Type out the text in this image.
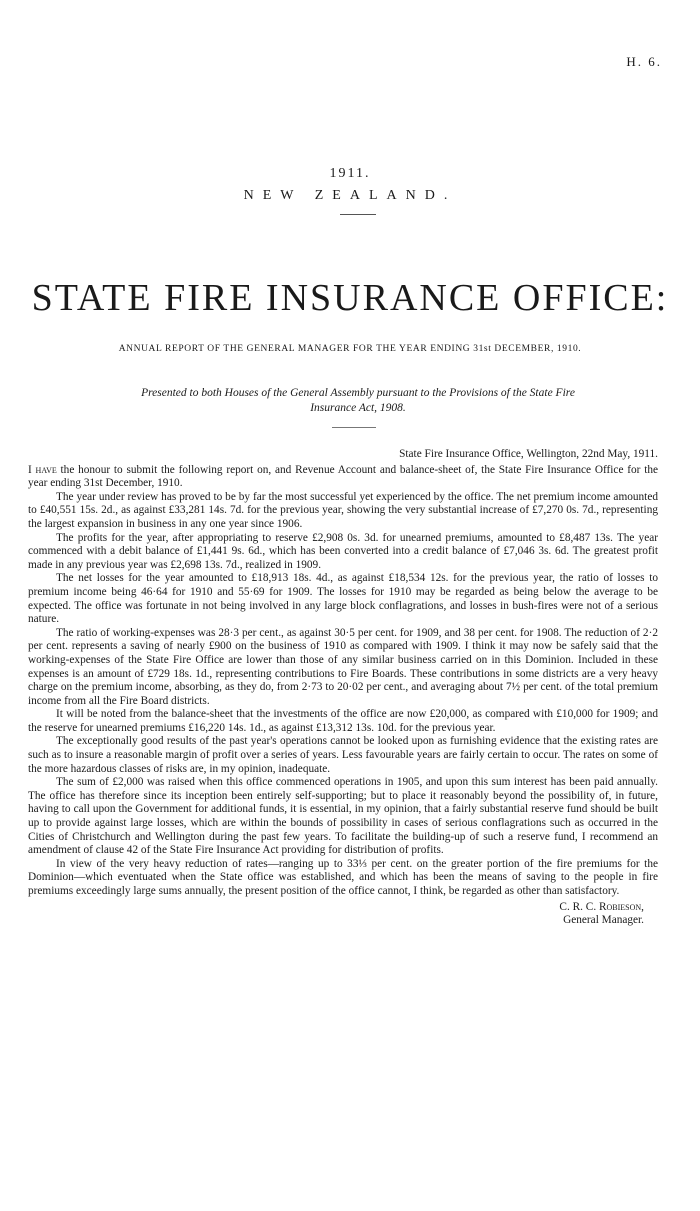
H. 6.
1911.
NEW ZEALAND.
STATE FIRE INSURANCE OFFICE:
ANNUAL REPORT OF THE GENERAL MANAGER FOR THE YEAR ENDING 31st DECEMBER, 1910.
Presented to both Houses of the General Assembly pursuant to the Provisions of the State Fire Insurance Act, 1908.
State Fire Insurance Office, Wellington, 22nd May, 1911.

I have the honour to submit the following report on, and Revenue Account and balance-sheet of, the State Fire Insurance Office for the year ending 31st December, 1910.

The year under review has proved to be by far the most successful yet experienced by the office. The net premium income amounted to £40,551 15s. 2d., as against £33,281 14s. 7d. for the previous year, showing the very substantial increase of £7,270 0s. 7d., representing the largest expansion in business in any one year since 1906.

The profits for the year, after appropriating to reserve £2,908 0s. 3d. for unearned premiums, amounted to £8,487 13s. The year commenced with a debit balance of £1,441 9s. 6d., which has been converted into a credit balance of £7,046 3s. 6d. The greatest profit made in any previous year was £2,698 13s. 7d., realized in 1909.

The net losses for the year amounted to £18,913 18s. 4d., as against £18,534 12s. for the previous year, the ratio of losses to premium income being 46·64 for 1910 and 55·69 for 1909. The losses for 1910 may be regarded as being below the average to be expected. The office was fortunate in not being involved in any large block conflagrations, and losses in bush-fires were not of a serious nature.

The ratio of working-expenses was 28·3 per cent., as against 30·5 per cent. for 1909, and 38 per cent. for 1908. The reduction of 2·2 per cent. represents a saving of nearly £900 on the business of 1910 as compared with 1909. I think it may now be safely said that the working-expenses of the State Fire Office are lower than those of any similar business carried on in this Dominion. Included in these expenses is an amount of £729 18s. 1d., representing contributions to Fire Boards. These contributions in some districts are a very heavy charge on the premium income, absorbing, as they do, from 2·73 to 20·02 per cent., and averaging about 7½ per cent. of the total premium income from all the Fire Board districts.

It will be noted from the balance-sheet that the investments of the office are now £20,000, as compared with £10,000 for 1909; and the reserve for unearned premiums £16,220 14s. 1d., as against £13,312 13s. 10d. for the previous year.

The exceptionally good results of the past year's operations cannot be looked upon as furnishing evidence that the existing rates are such as to insure a reasonable margin of profit over a series of years. Less favourable years are fairly certain to occur. The rates on some of the more hazardous classes of risks are, in my opinion, inadequate.

The sum of £2,000 was raised when this office commenced operations in 1905, and upon this sum interest has been paid annually. The office has therefore since its inception been entirely self-supporting; but to place it reasonably beyond the possibility of, in future, having to call upon the Government for additional funds, it is essential, in my opinion, that a fairly substantial reserve fund should be built up to provide against large losses, which are within the bounds of possibility in cases of serious conflagrations such as occurred in the Cities of Christchurch and Wellington during the past few years. To facilitate the building-up of such a reserve fund, I recommend an amendment of clause 42 of the State Fire Insurance Act providing for distribution of profits.

In view of the very heavy reduction of rates—ranging up to 33⅓ per cent. on the greater portion of the fire premiums for the Dominion—which eventuated when the State office was established, and which has been the means of saving to the people in fire premiums exceedingly large sums annually, the present position of the office cannot, I think, be regarded as other than satisfactory.

C. R. C. Robieson,
General Manager.
